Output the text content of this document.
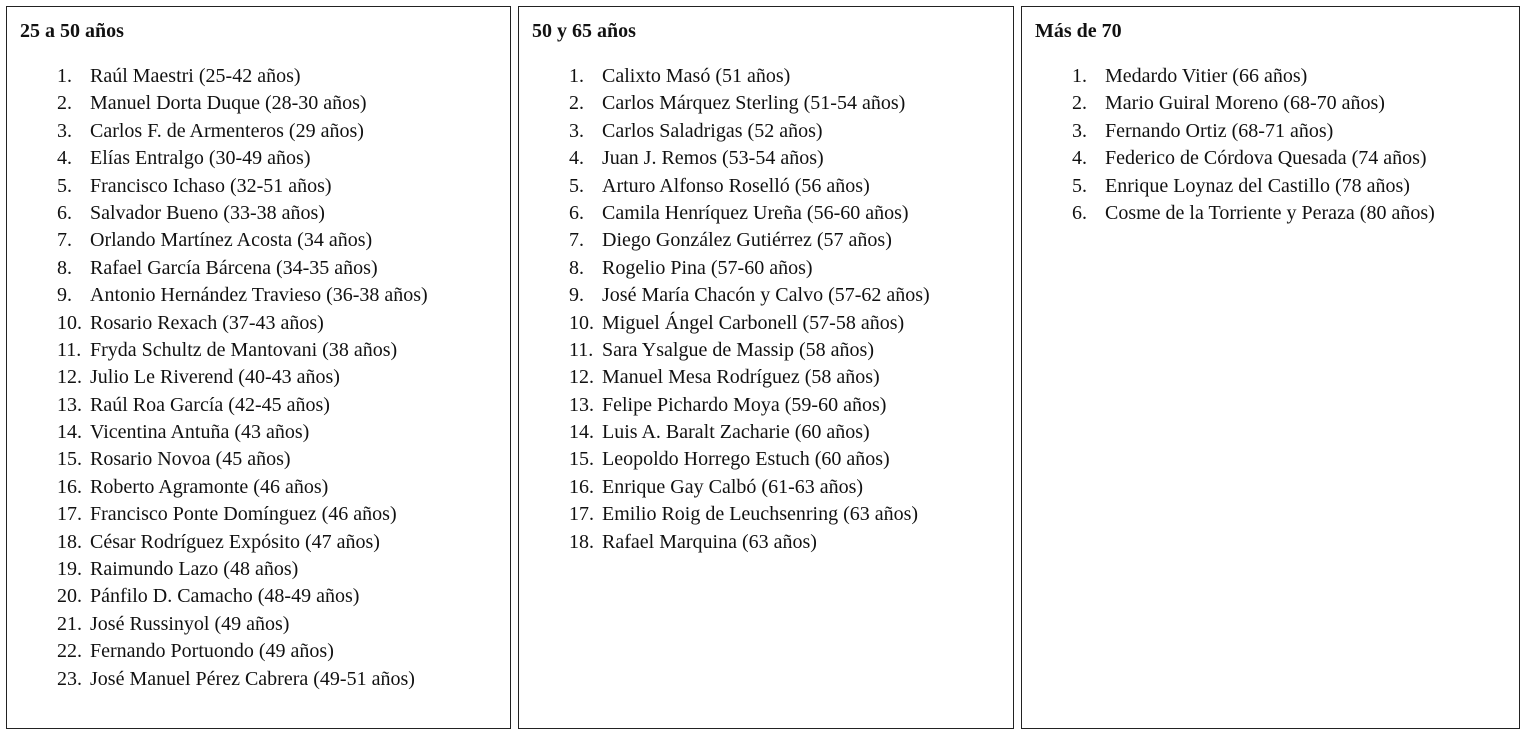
25 a 50 años
1. Raúl Maestri (25-42 años)
2. Manuel Dorta Duque (28-30 años)
3. Carlos F. de Armenteros (29 años)
4. Elías Entralgo (30-49 años)
5. Francisco Ichaso (32-51 años)
6. Salvador Bueno (33-38 años)
7. Orlando Martínez Acosta (34 años)
8. Rafael García Bárcena (34-35 años)
9. Antonio Hernández Travieso (36-38 años)
10. Rosario Rexach (37-43 años)
11. Fryda Schultz de Mantovani (38 años)
12. Julio Le Riverend (40-43 años)
13. Raúl Roa García (42-45 años)
14. Vicentina Antuña (43 años)
15. Rosario Novoa (45 años)
16. Roberto Agramonte (46 años)
17. Francisco Ponte Domínguez (46 años)
18. César Rodríguez Expósito (47 años)
19. Raimundo Lazo (48 años)
20. Pánfilo D. Camacho (48-49 años)
21. José Russinyol (49 años)
22. Fernando Portuondo (49 años)
23. José Manuel Pérez Cabrera (49-51 años)
50 y 65 años
1. Calixto Masó (51 años)
2. Carlos Márquez Sterling (51-54 años)
3. Carlos Saladrigas (52 años)
4. Juan J. Remos (53-54 años)
5. Arturo Alfonso Roselló (56 años)
6. Camila Henríquez Ureña (56-60 años)
7. Diego González Gutiérrez (57 años)
8. Rogelio Pina (57-60 años)
9. José María Chacón y Calvo (57-62 años)
10. Miguel Ángel Carbonell (57-58 años)
11. Sara Ysalgue de Massip (58 años)
12. Manuel Mesa Rodríguez (58 años)
13. Felipe Pichardo Moya (59-60 años)
14. Luis A. Baralt Zacharie (60 años)
15. Leopoldo Horrego Estuch (60 años)
16. Enrique Gay Calbó (61-63 años)
17. Emilio Roig de Leuchsenring (63 años)
18. Rafael Marquina (63 años)
Más de 70
1. Medardo Vitier (66 años)
2. Mario Guiral Moreno (68-70 años)
3. Fernando Ortiz (68-71 años)
4. Federico de Córdova Quesada (74 años)
5. Enrique Loynaz del Castillo (78 años)
6. Cosme de la Torriente y Peraza (80 años)
